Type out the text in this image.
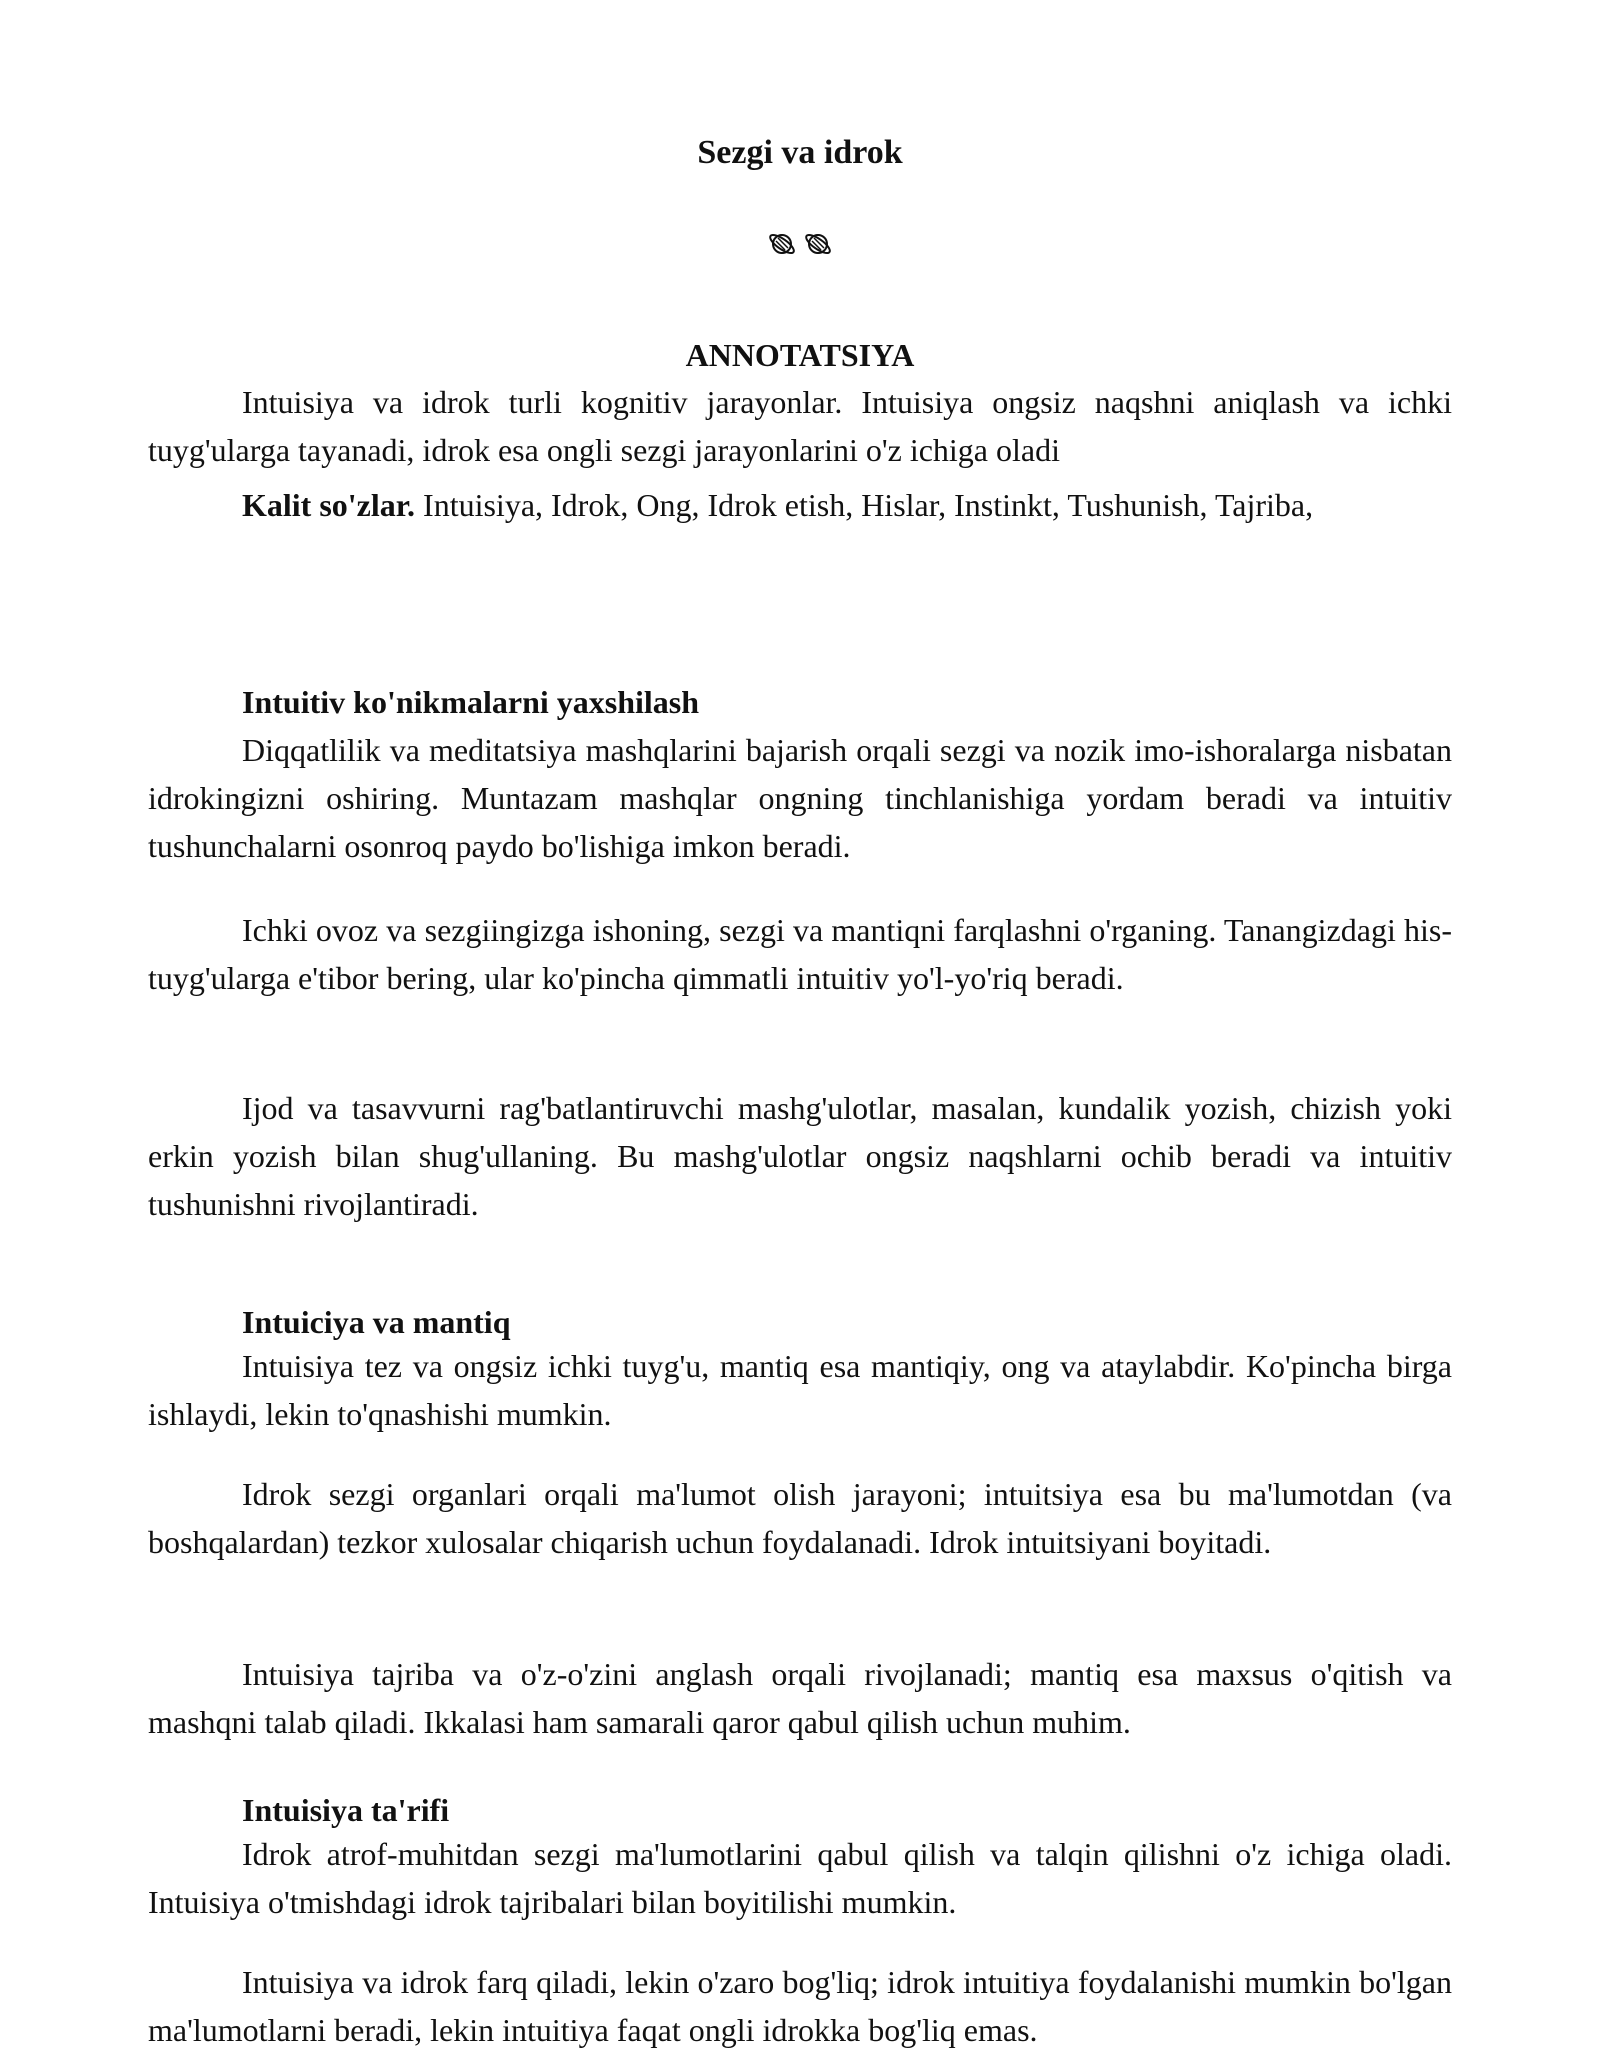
Sezgi va idrok
ANNOTATSIYA

Intuisiya va idrok turli kognitiv jarayonlar. Intuisiya ongsiz naqshni aniqlash va ichki tuyg'ularga tayanadi, idrok esa ongli sezgi jarayonlarini o'z ichiga oladi

Kalit so'zlar. Intuisiya, Idrok, Ong, Idrok etish, Hislar, Instinkt, Tushunish, Tajriba,

Intuitiv ko'nikmalarni yaxshilash

Diqqatlilik va meditatsiya mashqlarini bajarish orqali sezgi va nozik imo-ishoralarga nisbatan idrokingizni oshiring. Muntazam mashqlar ongning tinchlanishiga yordam beradi va intuitiv tushunchalarni osonroq paydo bo'lishiga imkon beradi.

Ichki ovoz va sezgiingizga ishoning, sezgi va mantiqni farqlashni o'rganing. Tanangizdagi his-tuyg'ularga e'tibor bering, ular ko'pincha qimmatli intuitiv yo'l-yo'riq beradi.

Ijod va tasavvurni rag'batlantiruvchi mashg'ulotlar, masalan, kundalik yozish, chizish yoki erkin yozish bilan shug'ullaning. Bu mashg'ulotlar ongsiz naqshlarni ochib beradi va intuitiv tushunishni rivojlantiradi.

Intuiciya va mantiq

Intuisiya tez va ongsiz ichki tuyg'u, mantiq esa mantiqiy, ong va ataylabdir. Ko'pincha birga ishlaydi, lekin to'qnashishi mumkin.

Idrok sezgi organlari orqali ma'lumot olish jarayoni; intuitsiya esa bu ma'lumotdan (va boshqalardan) tezkor xulosalar chiqarish uchun foydalanadi. Idrok intuitsiyani boyitadi.

Intuisiya tajriba va o'z-o'zini anglash orqali rivojlanadi; mantiq esa maxsus o'qitish va mashqni talab qiladi. Ikkalasi ham samarali qaror qabul qilish uchun muhim.

Intuisiya ta'rifi

Idrok atrof-muhitdan sezgi ma'lumotlarini qabul qilish va talqin qilishni o'z ichiga oladi. Intuisiya o'tmishdagi idrok tajribalari bilan boyitilishi mumkin.

Intuisiya va idrok farq qiladi, lekin o'zaro bog'liq; idrok intuitiya foydalanishi mumkin bo'lgan ma'lumotlarni beradi, lekin intuitiya faqat ongli idrokka bog'liq emas.
